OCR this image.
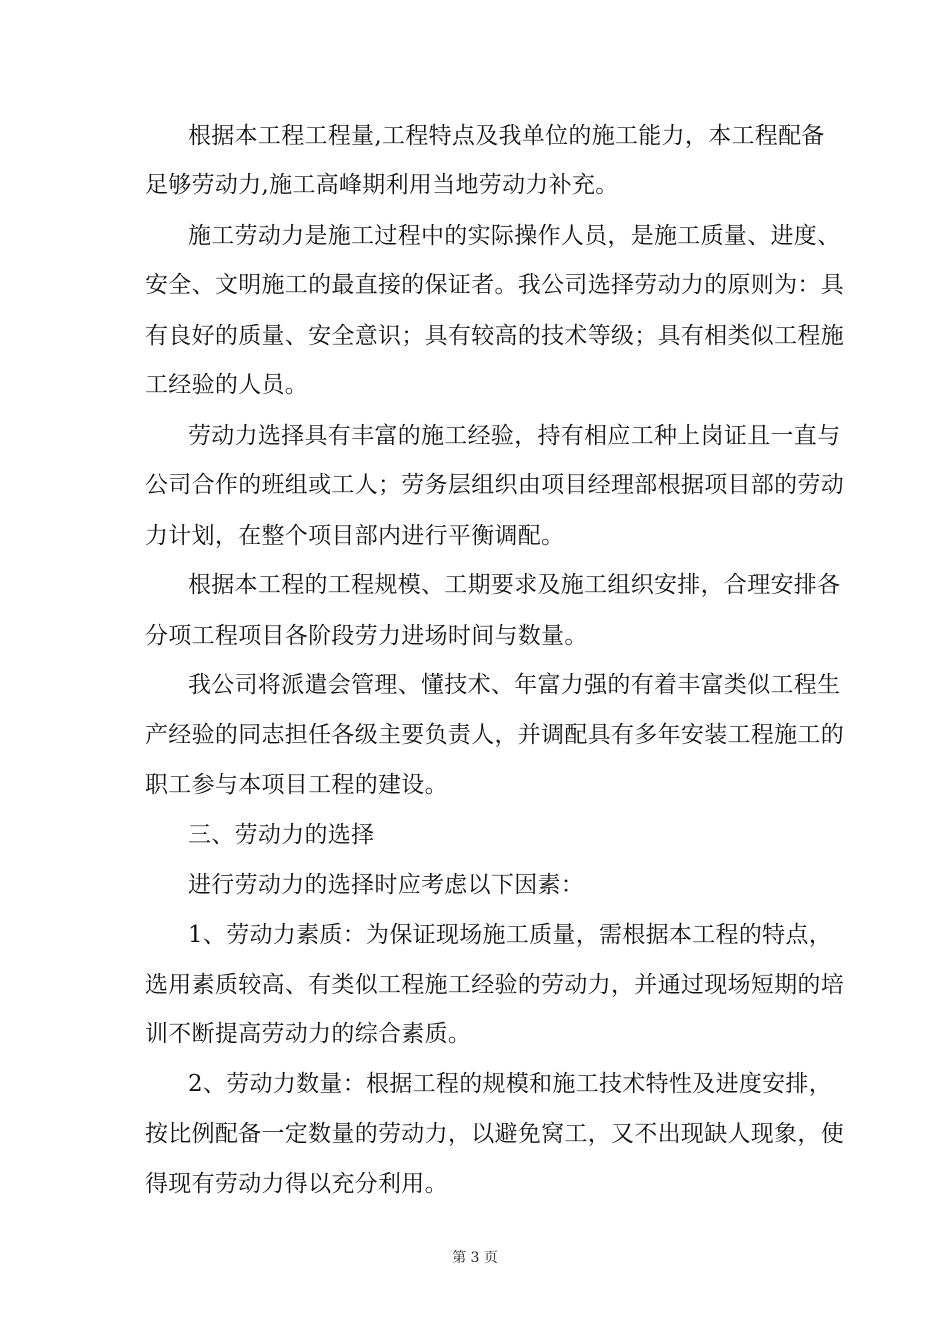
根据本工程工程量,工程特点及我单位的施工能力，本工程配备
足够劳动力,施工高峰期利用当地劳动力补充。
施工劳动力是施工过程中的实际操作人员，是施工质量、进度、
安全、文明施工的最直接的保证者。我公司选择劳动力的原则为：具
有良好的质量、安全意识；具有较高的技术等级；具有相类似工程施
工经验的人员。
劳动力选择具有丰富的施工经验，持有相应工种上岗证且一直与
公司合作的班组或工人；劳务层组织由项目经理部根据项目部的劳动
力计划，在整个项目部内进行平衡调配。
根据本工程的工程规模、工期要求及施工组织安排，合理安排各
分项工程项目各阶段劳力进场时间与数量。
我公司将派遣会管理、懂技术、年富力强的有着丰富类似工程生
产经验的同志担任各级主要负责人，并调配具有多年安装工程施工的
职工参与本项目工程的建设。
三、劳动力的选择
进行劳动力的选择时应考虑以下因素：
1、劳动力素质：为保证现场施工质量，需根据本工程的特点，
选用素质较高、有类似工程施工经验的劳动力，并通过现场短期的培
训不断提高劳动力的综合素质。
2、劳动力数量：根据工程的规模和施工技术特性及进度安排，
按比例配备一定数量的劳动力，以避免窝工，又不出现缺人现象，使
得现有劳动力得以充分利用。
第 3 页
